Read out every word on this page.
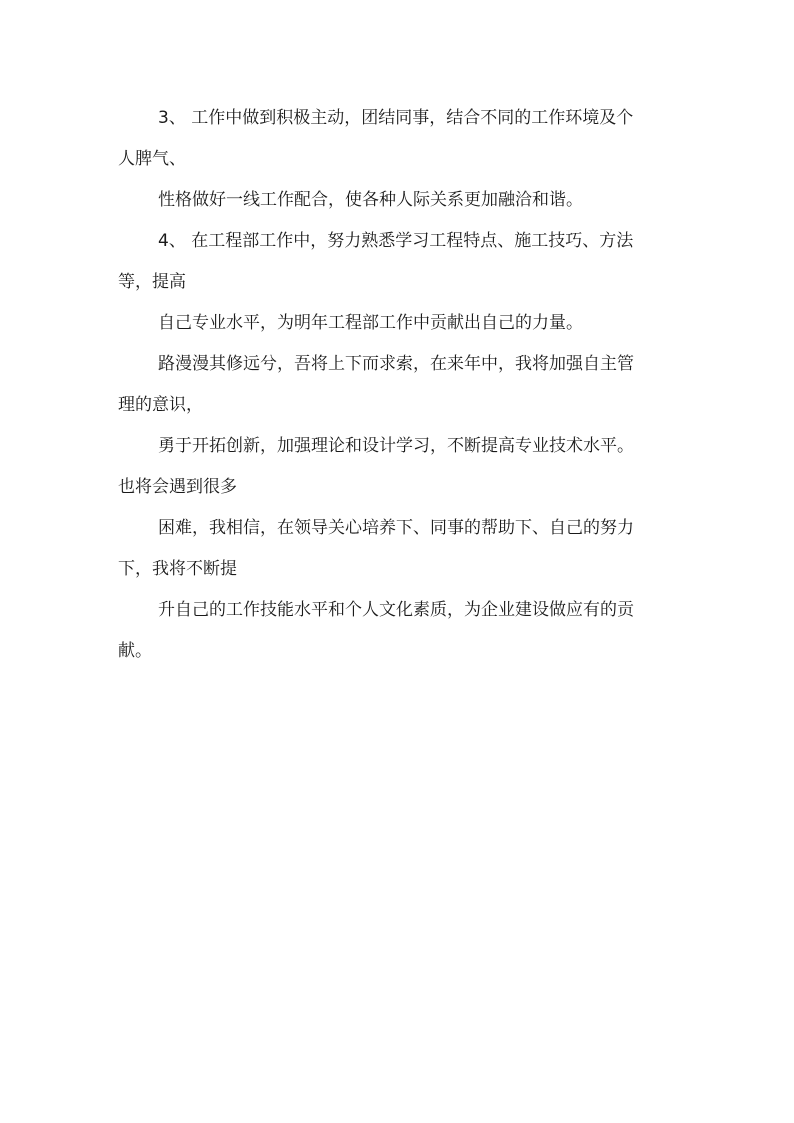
3、 工作中做到积极主动，团结同事，结合不同的工作环境及个

人脾气、

性格做好一线工作配合，使各种人际关系更加融洽和谐。

4、 在工程部工作中，努力熟悉学习工程特点、施工技巧、方法

等，提高

自己专业水平，为明年工程部工作中贡献出自己的力量。

路漫漫其修远兮，吾将上下而求索，在来年中，我将加强自主管

理的意识，

勇于开拓创新，加强理论和设计学习，不断提高专业技术水平。

也将会遇到很多

困难，我相信，在领导关心培养下、同事的帮助下、自己的努力

下，我将不断提

升自己的工作技能水平和个人文化素质，为企业建设做应有的贡

献。
